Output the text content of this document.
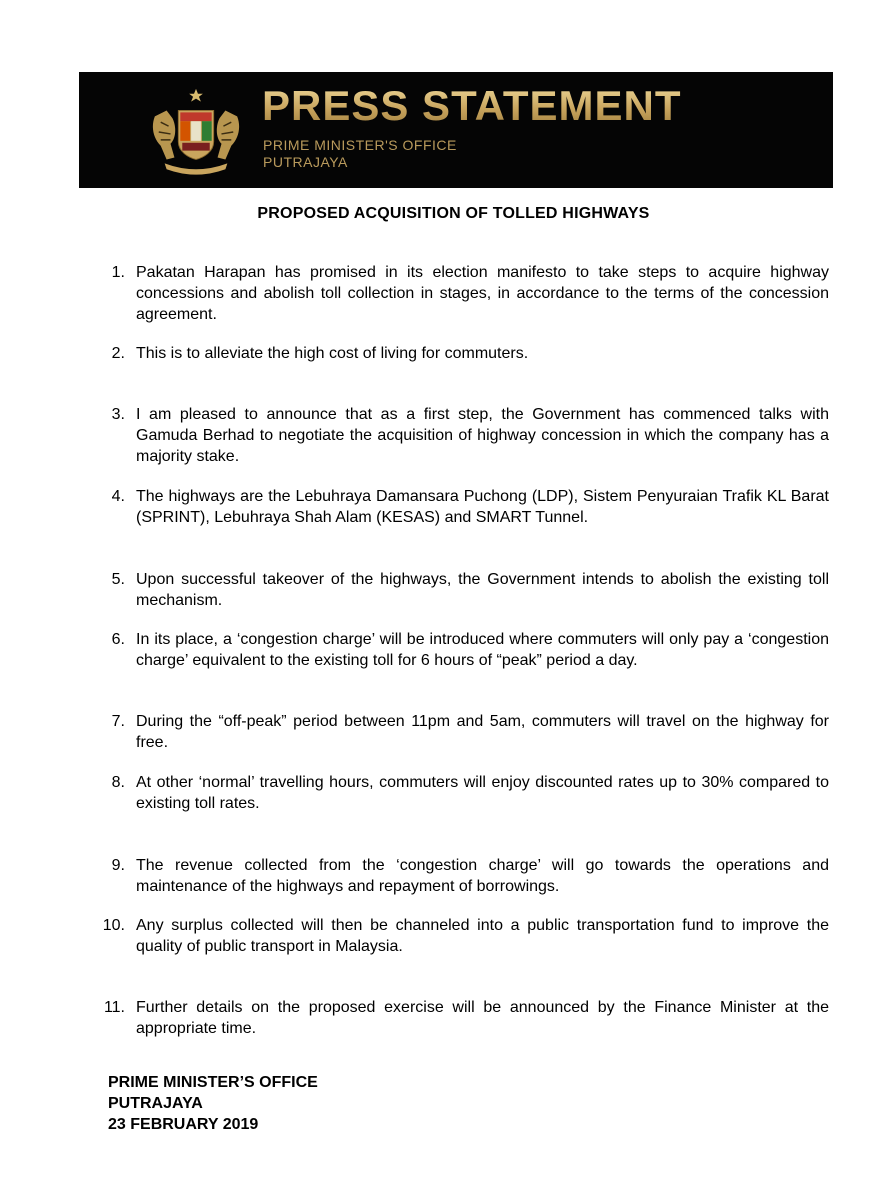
PRESS STATEMENT
PRIME MINISTER'S OFFICE
PUTRAJAYA
PROPOSED ACQUISITION OF TOLLED HIGHWAYS
1. Pakatan Harapan has promised in its election manifesto to take steps to acquire highway concessions and abolish toll collection in stages, in accordance to the terms of the concession agreement.
2. This is to alleviate the high cost of living for commuters.
3. I am pleased to announce that as a first step, the Government has commenced talks with Gamuda Berhad to negotiate the acquisition of highway concession in which the company has a majority stake.
4. The highways are the Lebuhraya Damansara Puchong (LDP), Sistem Penyuraian Trafik KL Barat (SPRINT), Lebuhraya Shah Alam (KESAS) and SMART Tunnel.
5. Upon successful takeover of the highways, the Government intends to abolish the existing toll mechanism.
6. In its place, a ‘congestion charge’ will be introduced where commuters will only pay a ‘congestion charge’ equivalent to the existing toll for 6 hours of “peak” period a day.
7. During the “off-peak” period between 11pm and 5am, commuters will travel on the highway for free.
8. At other ‘normal’ travelling hours, commuters will enjoy discounted rates up to 30% compared to existing toll rates.
9. The revenue collected from the ‘congestion charge’ will go towards the operations and maintenance of the highways and repayment of borrowings.
10. Any surplus collected will then be channeled into a public transportation fund to improve the quality of public transport in Malaysia.
11. Further details on the proposed exercise will be announced by the Finance Minister at the appropriate time.
PRIME MINISTER’S OFFICE
PUTRAJAYA
23 FEBRUARY 2019
